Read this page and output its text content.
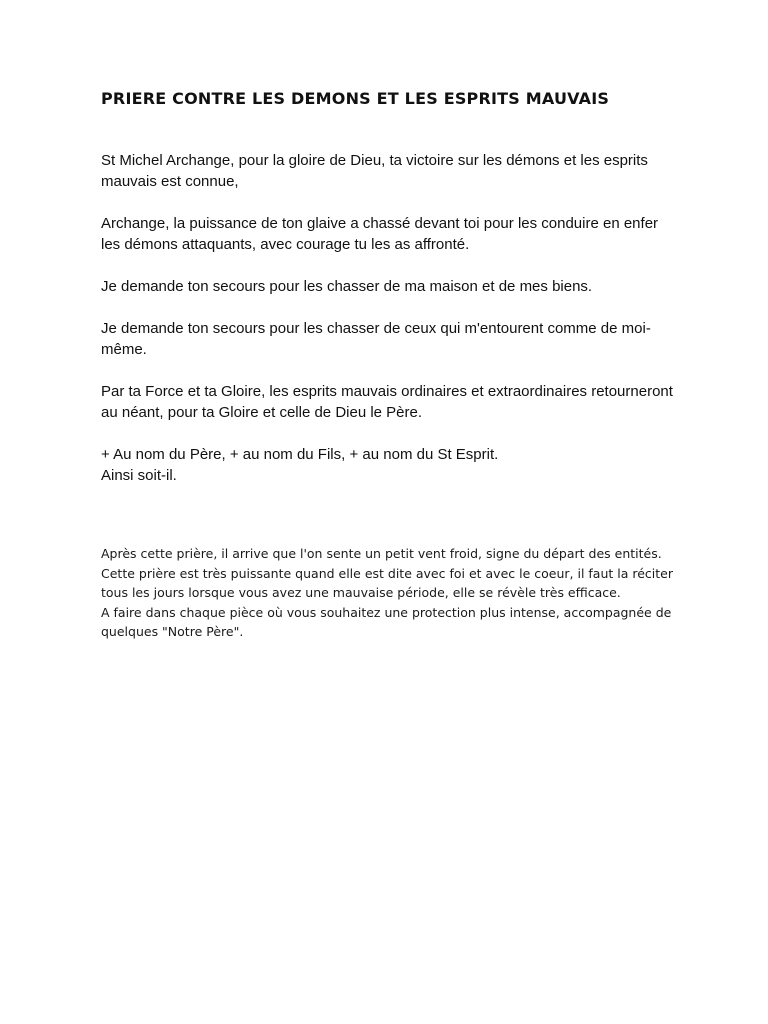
PRIERE CONTRE LES DEMONS ET LES ESPRITS MAUVAIS

St Michel Archange, pour la gloire de Dieu, ta victoire sur les démons et les esprits mauvais est connue,

Archange, la puissance de ton glaive a chassé devant toi pour les conduire en enfer les démons attaquants, avec courage tu les as affronté.

Je demande ton secours pour les chasser de ma maison et de mes biens.

Je demande ton secours pour les chasser de ceux qui m'entourent comme de moi-même.

Par ta Force et ta Gloire, les esprits mauvais ordinaires et extraordinaires retourneront au néant, pour ta Gloire et celle de Dieu le Père.

+ Au nom du Père, + au nom du Fils, + au nom du St Esprit.
Ainsi soit-il.

Après cette prière, il arrive que l'on sente un petit vent froid, signe du départ des entités.

Cette prière est très puissante quand elle est dite avec foi et avec le coeur, il faut la réciter tous les jours lorsque vous avez une mauvaise période, elle se révèle très efficace.

A faire dans chaque pièce où vous souhaitez une protection plus intense, accompagnée de quelques "Notre Père".
